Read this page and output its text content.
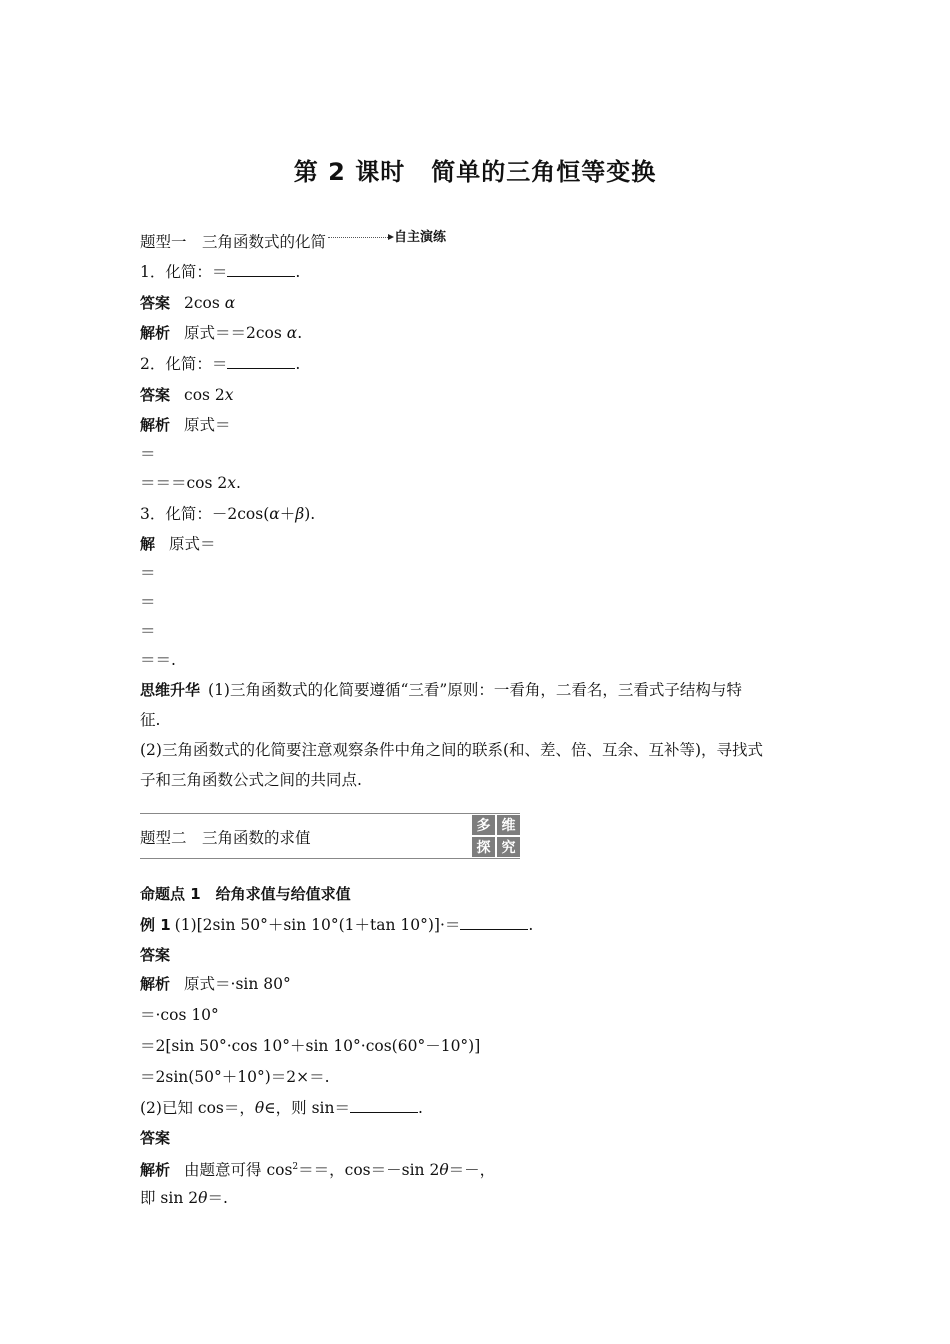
第 2 课时 简单的三角恒等变换
题型一　三角函数式的化简	$^{自主演练}$
1．化简：＝	.
答案 2cos α
解析 原式＝＝2cos α.
2．化简：＝	.
答案 cos 2x
解析 原式＝
＝
＝＝＝cos 2x.
3．化简：－2cos(α＋β).
解 原式＝
＝
＝
＝
＝＝.
思维升华 (1)三角函数式的化简要遵循“三看”原则：一看角，二看名，三看式子结构与特
征.
(2)三角函数式的化简要注意观察条件中角之间的联系(和、差、倍、互余、互补等)，寻找式
子和三角函数公式之间的共同点.
题型二　三角函数的求值
多 维
探 究
命题点 1　给角求值与给值求值
例 1 (1)[2sin 50°＋sin 10°(1＋tan 10°)]·＝	.
答案
解析 原式＝·sin 80°
＝·cos 10°
＝2[sin 50°·cos 10°＋sin 10°·cos(60°－10°)]
＝2sin(50°＋10°)＝2×＝.
(2)已知 cos＝，θ∈，则 sin＝	.
答案
解析 由题意可得 $\cos^2==$，cos＝－sin 2θ＝－，
即 sin 2θ＝.
